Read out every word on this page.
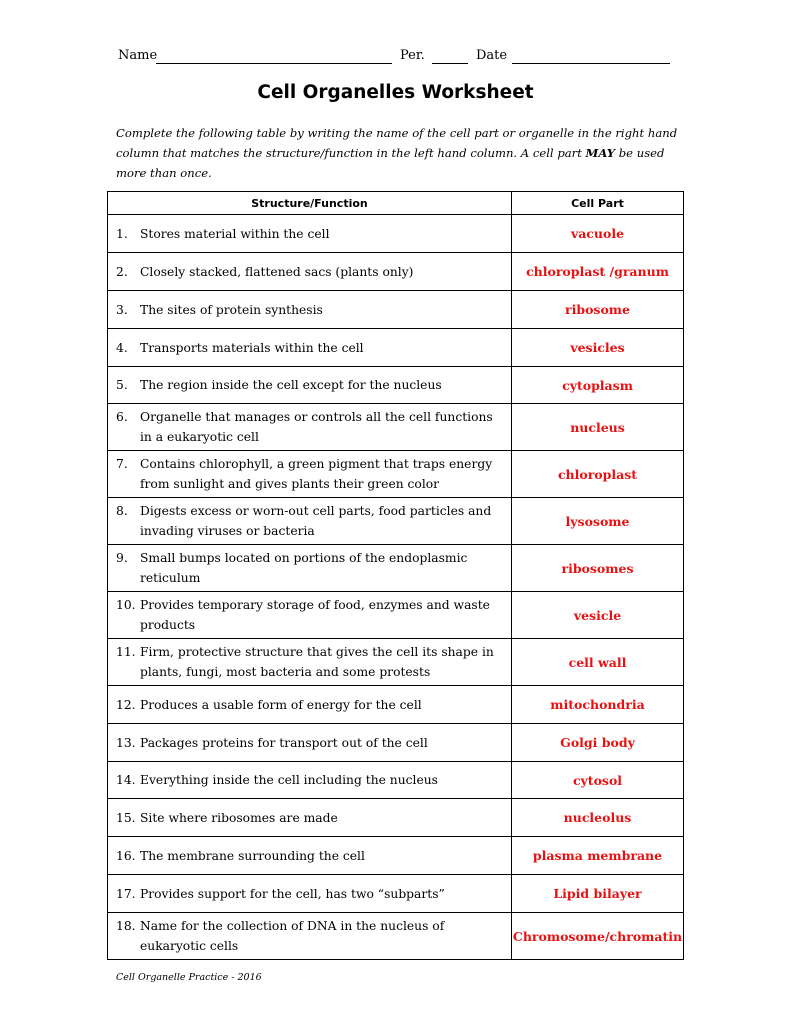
Name	Per.	Date
Cell Organelles Worksheet
Complete the following table by writing the name of the cell part or organelle in the right hand column that matches the structure/function in the left hand column. A cell part MAY be used more than once.
Structure/Function	Cell Part

1. Stores material within the cell	vacuole

2. Closely stacked, flattened sacs (plants only)	chloroplast /granum

3. The sites of protein synthesis	ribosome

4. Transports materials within the cell	vesicles

5. The region inside the cell except for the nucleus	cytoplasm

6. Organelle that manages or controls all the cell functions in a eukaryotic cell	nucleus

7. Contains chlorophyll, a green pigment that traps energy from sunlight and gives plants their green color	chloroplast

8. Digests excess or worn-out cell parts, food particles and invading viruses or bacteria	lysosome

9. Small bumps located on portions of the endoplasmic reticulum	ribosomes

10. Provides temporary storage of food, enzymes and waste products	vesicle

11. Firm, protective structure that gives the cell its shape in plants, fungi, most bacteria and some protests	cell wall

12. Produces a usable form of energy for the cell	mitochondria

13. Packages proteins for transport out of the cell	Golgi body

14. Everything inside the cell including the nucleus	cytosol

15. Site where ribosomes are made	nucleolus

16. The membrane surrounding the cell	plasma membrane

17. Provides support for the cell, has two “subparts”	Lipid bilayer

18. Name for the collection of DNA in the nucleus of eukaryotic cells	Chromosome/chromatin
Cell Organelle Practice - 2016
